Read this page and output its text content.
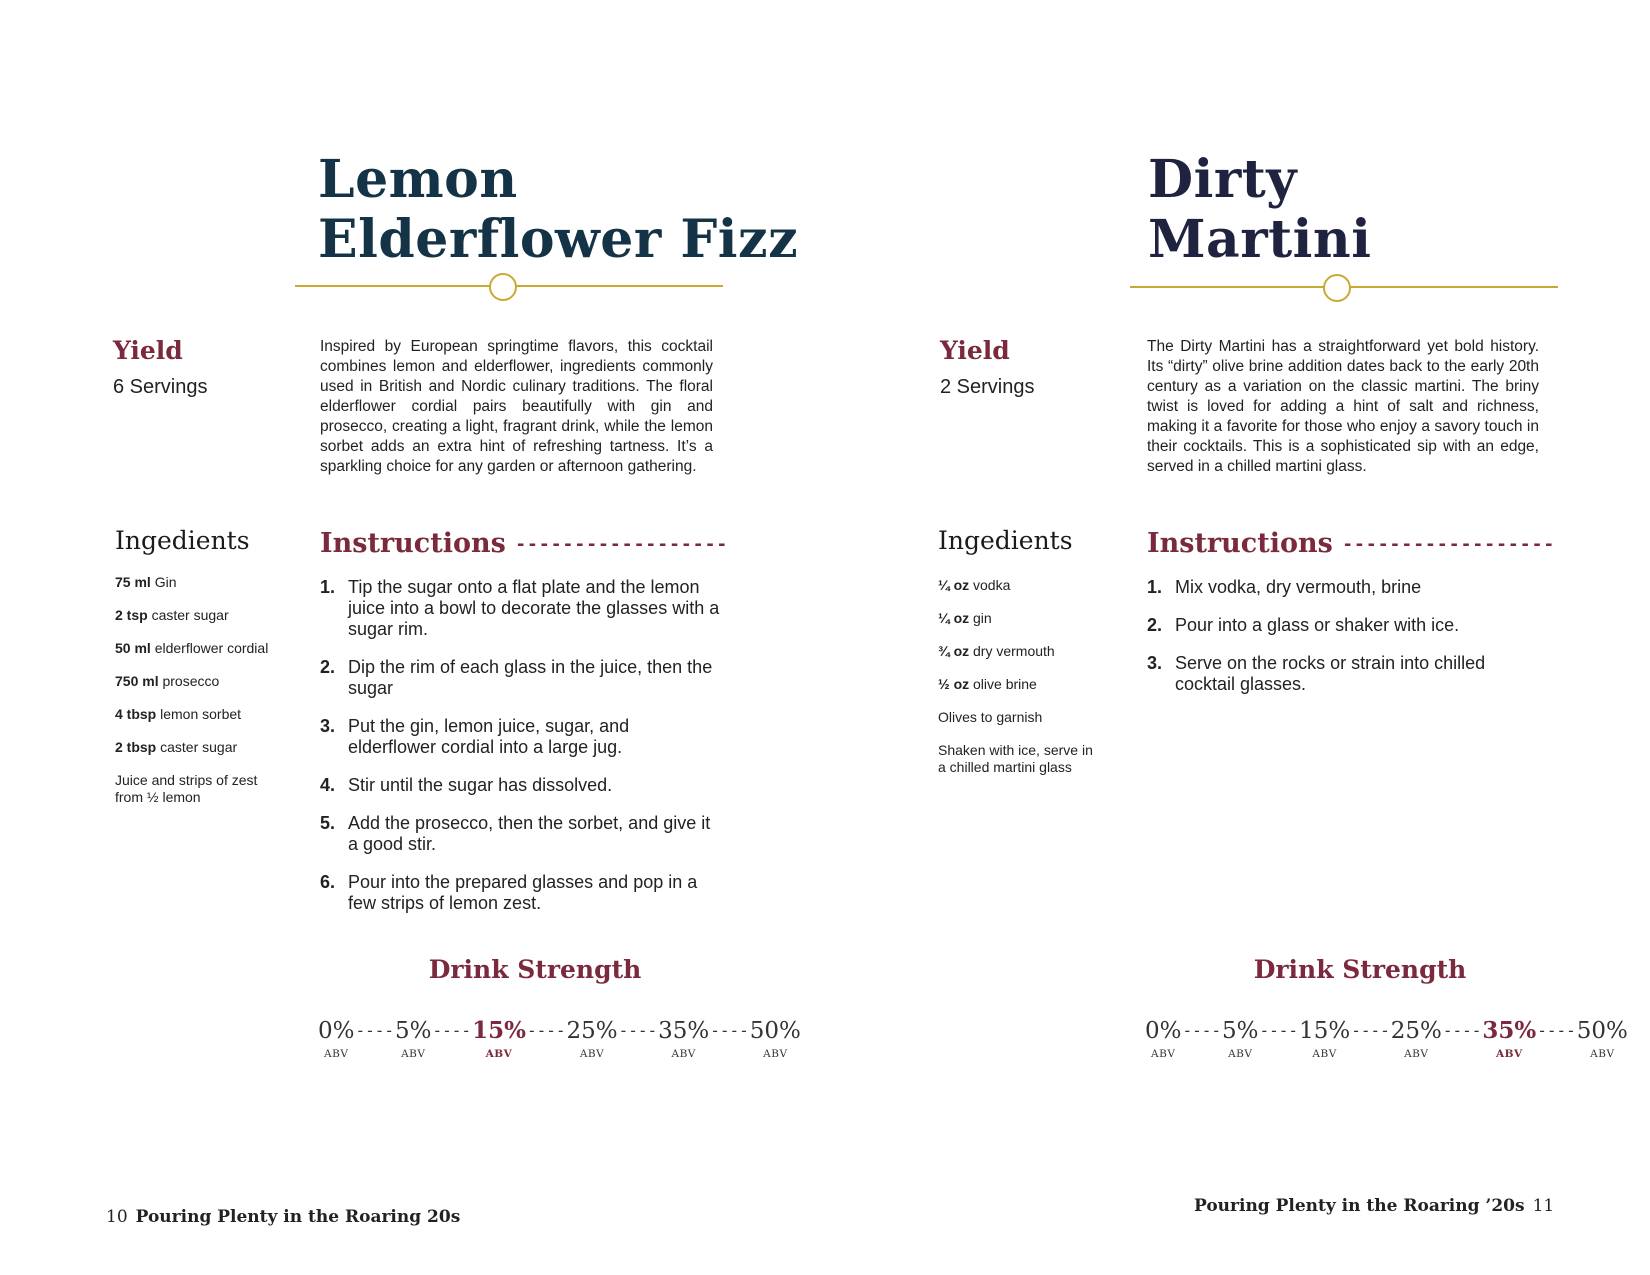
Lemon
Elderflower Fizz
Yield
6 Servings

Inspired by European springtime flavors, this cocktail combines lemon and elderflower, ingredients commonly used in British and Nordic culinary traditions. The floral elderflower cordial pairs beautifully with gin and prosecco, creating a light, fragrant drink, while the lemon sorbet adds an extra hint of refreshing tartness. It’s a sparkling choice for any garden or afternoon gathering.

Ingedients
75 ml Gin
2 tsp caster sugar
50 ml elderflower cordial
750 ml prosecco
4 tbsp lemon sorbet
2 tbsp caster sugar
Juice and strips of zest from ½ lemon
Instructions ------------------
1. Tip the sugar onto a flat plate and the lemon juice into a bowl to decorate the glasses with a sugar rim.
2. Dip the rim of each glass in the juice, then the sugar
3. Put the gin, lemon juice, sugar, and elderflower cordial into a large jug.
4. Stir until the sugar has dissolved.
5. Add the prosecco, then the sorbet, and give it a good stir.
6. Pour into the prepared glasses and pop in a few strips of lemon zest.
Drink Strength
0%
ABV
---- 5%
ABV
---- 15%
ABV
---- 25%
ABV
---- 35%
ABV
---- 50%
ABV
10 Pouring Plenty in the Roaring 20s
Dirty
Martini
Yield
2 Servings

The Dirty Martini has a straightforward yet bold history. Its “dirty” olive brine addition dates back to the early 20th century as a variation on the classic martini. The briny twist is loved for adding a hint of salt and richness, making it a favorite for those who enjoy a savory touch in their cocktails. This is a sophisticated sip with an edge, served in a chilled martini glass.

Ingedients
¼ oz vodka
¼ oz gin
¾ oz dry vermouth
½ oz olive brine
Olives to garnish
Shaken with ice, serve in a chilled martini glass
Instructions ------------------
1. Mix vodka, dry vermouth, brine
2. Pour into a glass or shaker with ice.
3. Serve on the rocks or strain into chilled cocktail glasses.
Drink Strength
0%
ABV
---- 5%
ABV
---- 15%
ABV
---- 25%
ABV
---- 35%
ABV
---- 50%
ABV
Pouring Plenty in the Roaring ’20s 11
